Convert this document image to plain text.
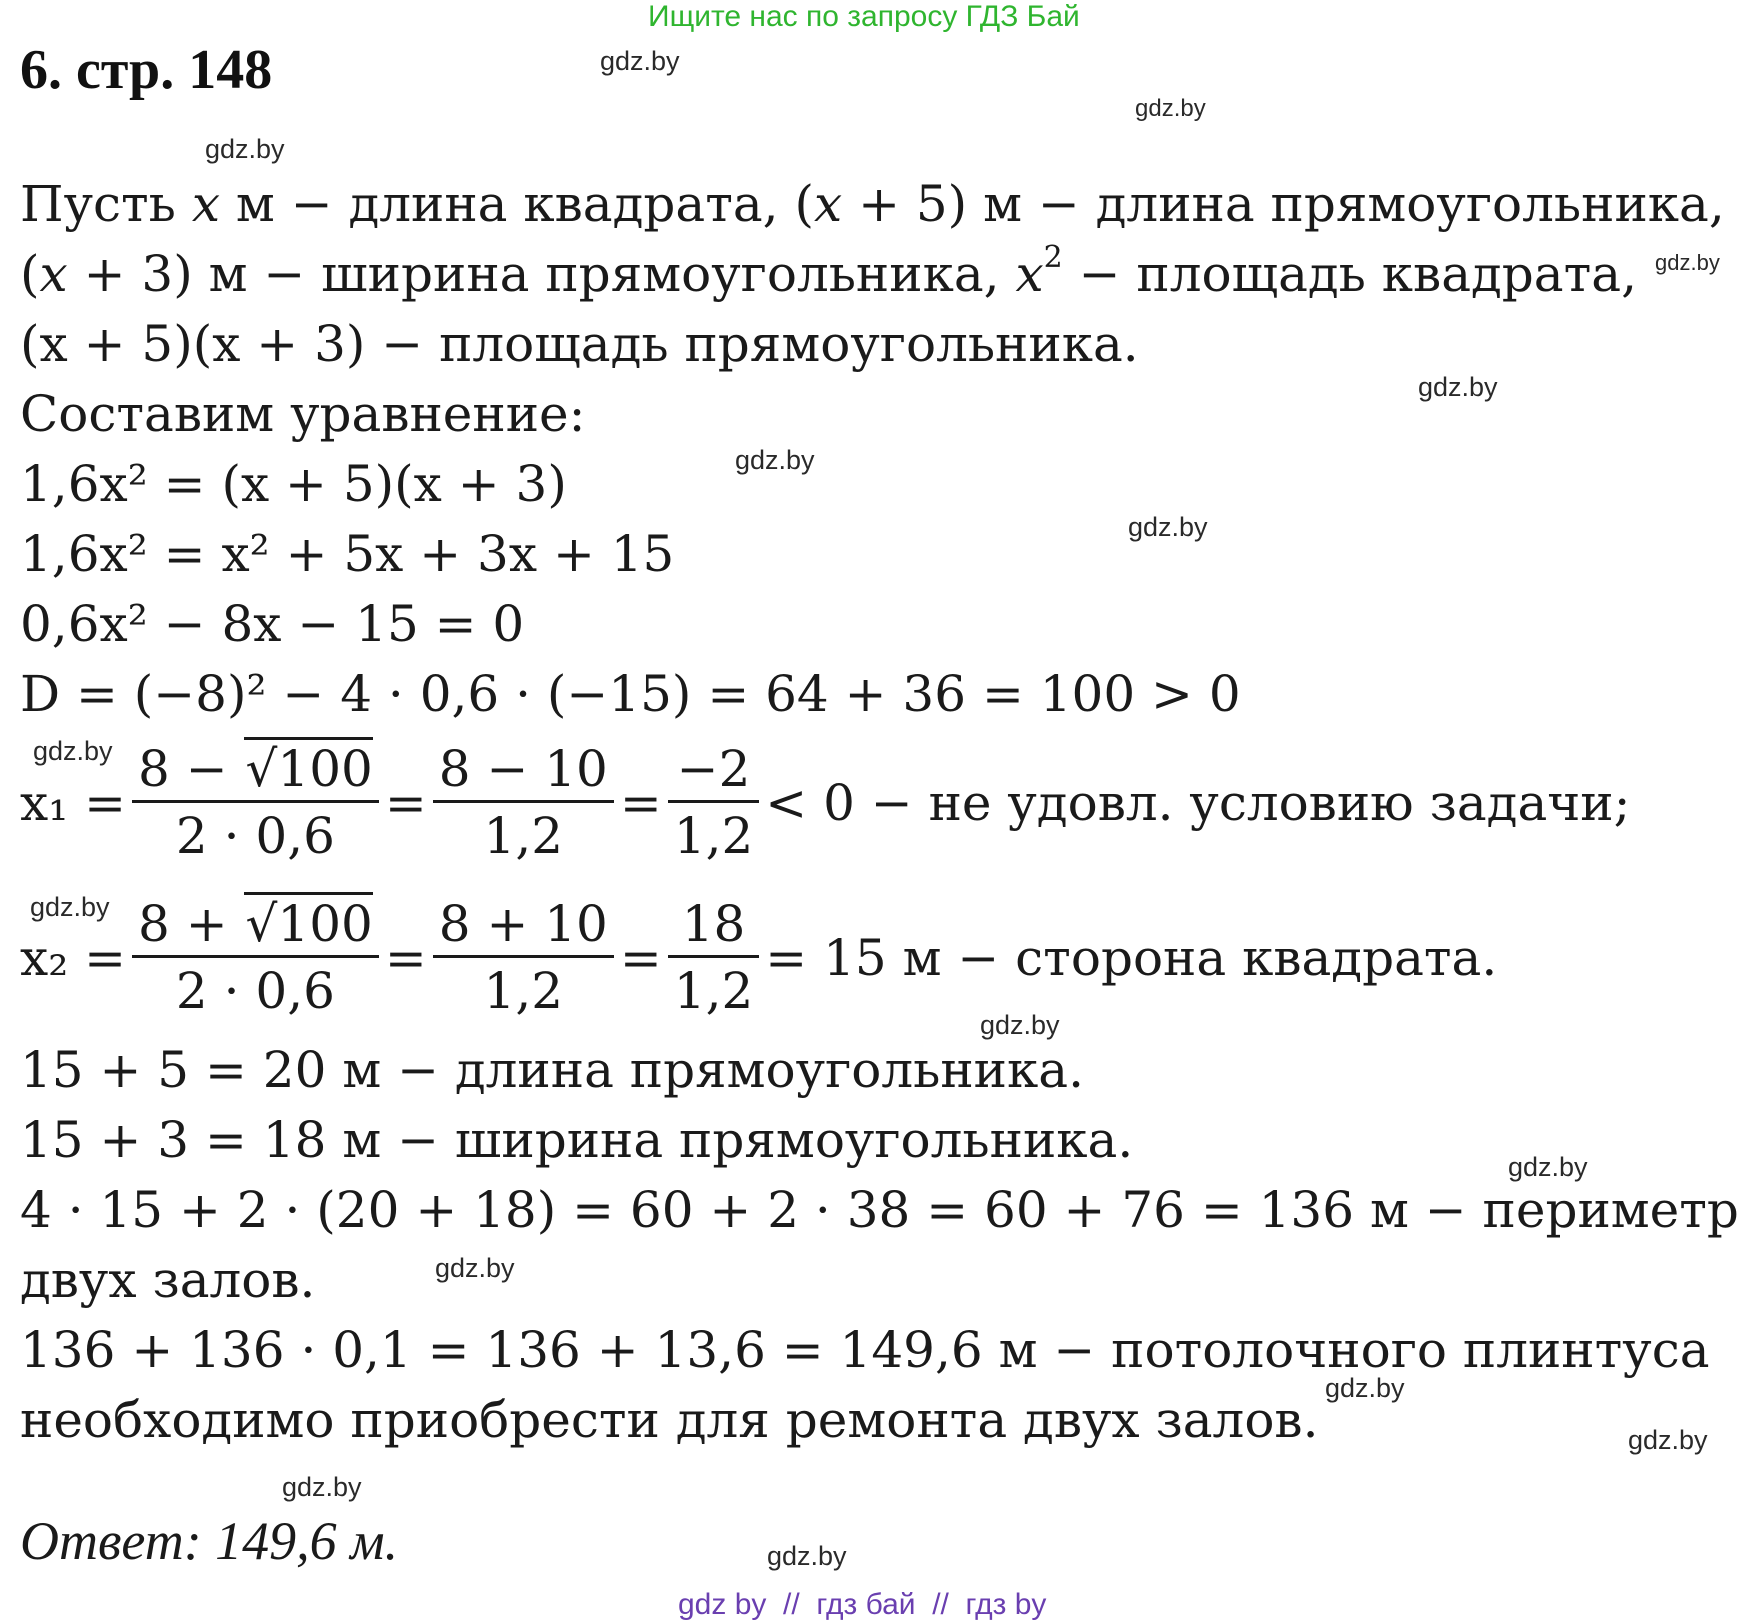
Ищите нас по запросу ГДЗ Бай
6. стр. 148	gdz.by
gdz.by
gdz.by
gdz.by
gdz.by
gdz.by
gdz.by
gdz.by
gdz.by
gdz.by
gdz.by
gdz.by
gdz.by
gdz.by
gdz.by
gdz.by
Пусть x м − длина квадрата, (x + 5) м − длина прямоугольника,
(x + 3) м − ширина прямоугольника, $x^2$ − площадь квадрата,
(x + 5)(x + 3) − площадь прямоугольника.
Составим уравнение:
1,6x² = (x + 5)(x + 3)
1,6x² = x² + 5x + 3x + 15
0,6x² − 8x − 15 = 0
D = (−8)² − 4 · 0,6 · (−15) = 64 + 36 = 100 > 0
$x_1 = \frac{8 - √100}{2 \cdot 0,6} = \frac{8 - 10}{1,2} = \frac{-2}{1,2} < 0$ − не удовл. условию задачи;
$x_2 = \frac{8 + √100}{2 \cdot 0,6} = \frac{8 + 10}{1,2} = \frac{18}{1,2} = 15$ м − сторона квадрата.
15 + 5 = 20 м − длина прямоугольника.
15 + 3 = 18 м − ширина прямоугольника.
4 · 15 + 2 · (20 + 18) = 60 + 2 · 38 = 60 + 76 = 136 м − периметр
двух залов.
136 + 136 · 0,1 = 136 + 13,6 = 149,6 м − потолочного плинтуса
необходимо приобрести для ремонта двух залов.
Ответ: 149,6 м.
gdz by  //  гдз бай  //  гдз by
